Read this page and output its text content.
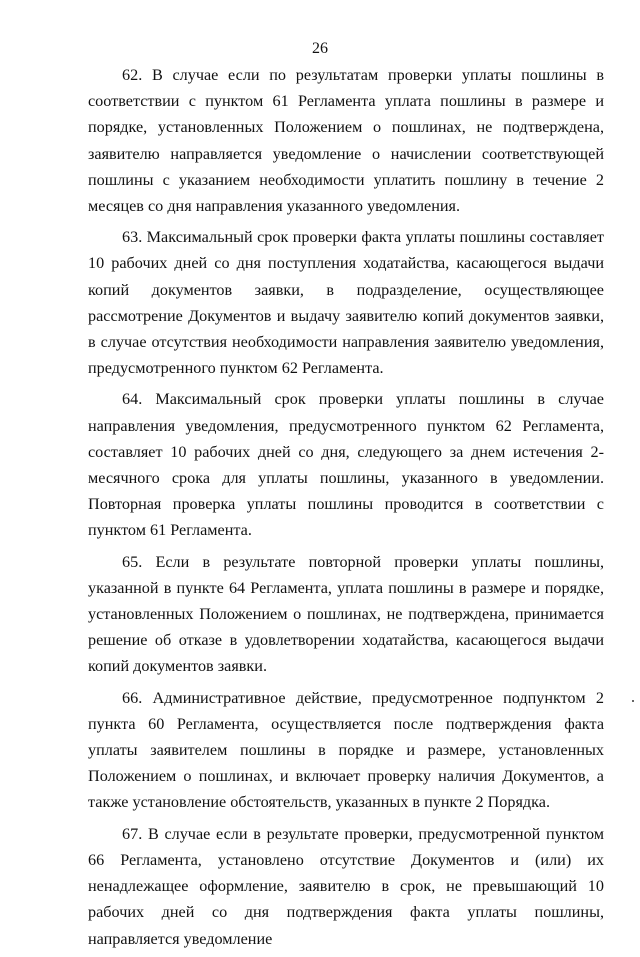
26

62. В случае если по результатам проверки уплаты пошлины в соответствии с пунктом 61 Регламента уплата пошлины в размере и порядке, установленных Положением о пошлинах, не подтверждена, заявителю направляется уведомление о начислении соответствующей пошлины с указанием необходимости уплатить пошлину в течение 2 месяцев со дня направления указанного уведомления.

63. Максимальный срок проверки факта уплаты пошлины составляет 10 рабочих дней со дня поступления ходатайства, касающегося выдачи копий документов заявки, в подразделение, осуществляющее рассмотрение Документов и выдачу заявителю копий документов заявки, в случае отсутствия необходимости направления заявителю уведомления, предусмотренного пунктом 62 Регламента.

64. Максимальный срок проверки уплаты пошлины в случае направления уведомления, предусмотренного пунктом 62 Регламента, составляет 10 рабочих дней со дня, следующего за днем истечения 2-месячного срока для уплаты пошлины, указанного в уведомлении. Повторная проверка уплаты пошлины проводится в соответствии с пунктом 61 Регламента.

65. Если в результате повторной проверки уплаты пошлины, указанной в пункте 64 Регламента, уплата пошлины в размере и порядке, установленных Положением о пошлинах, не подтверждена, принимается решение об отказе в удовлетворении ходатайства, касающегося выдачи копий документов заявки.

66. Административное действие, предусмотренное подпунктом 2 пункта 60 Регламента, осуществляется после подтверждения факта уплаты заявителем пошлины в порядке и размере, установленных Положением о пошлинах, и включает проверку наличия Документов, а также установление обстоятельств, указанных в пункте 2 Порядка.

67. В случае если в результате проверки, предусмотренной пунктом 66 Регламента, установлено отсутствие Документов и (или) их ненадлежащее оформление, заявителю в срок, не превышающий 10 рабочих дней со дня подтверждения факта уплаты пошлины, направляется уведомление
